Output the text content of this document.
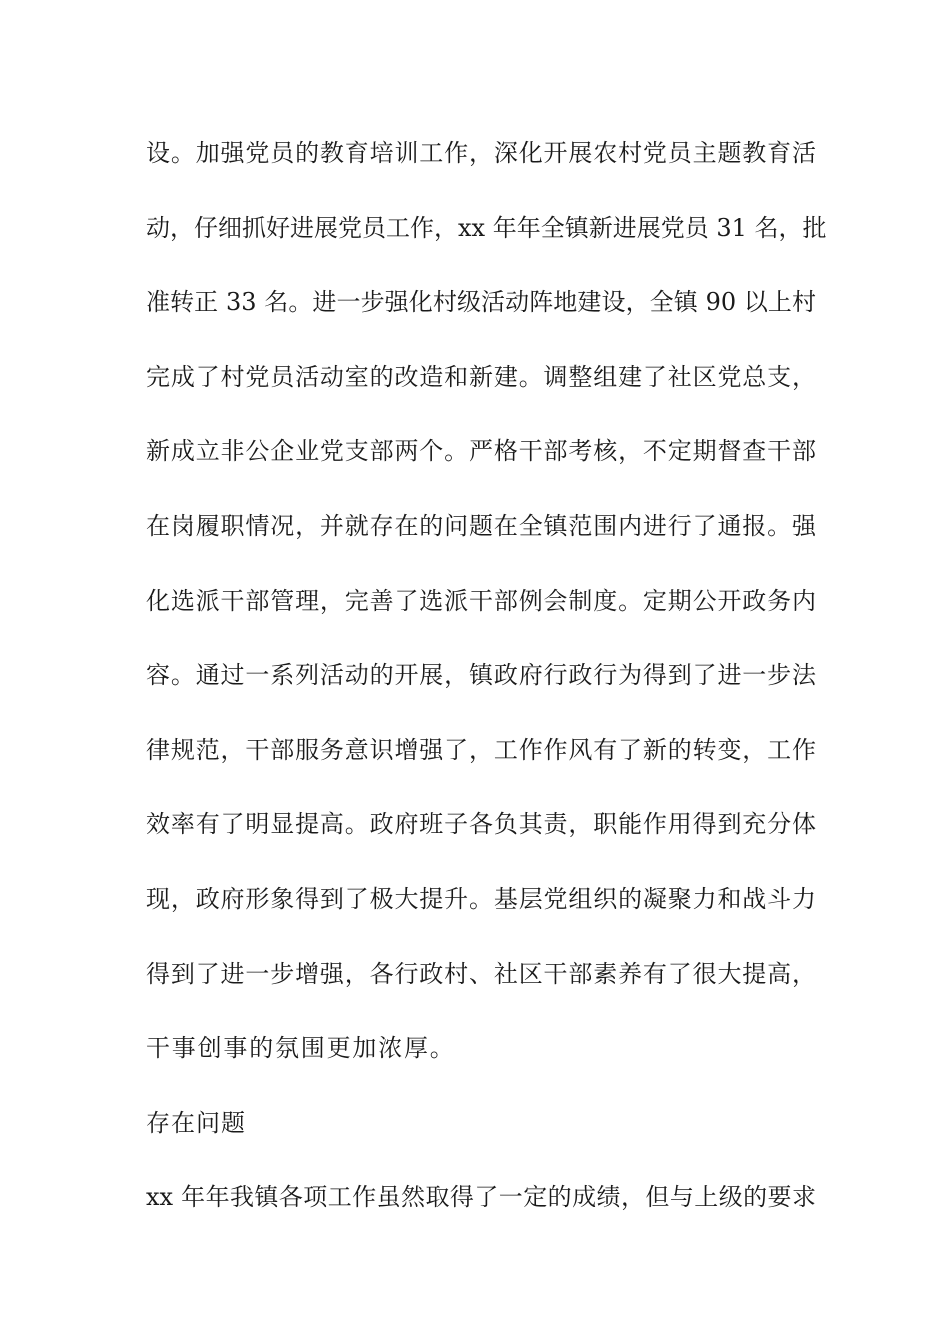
设。加强党员的教育培训工作，深化开展农村党员主题教育活
动，仔细抓好进展党员工作，xx 年年全镇新进展党员 31 名，批
准转正 33 名。进一步强化村级活动阵地建设，全镇 90 以上村
完成了村党员活动室的改造和新建。调整组建了社区党总支，
新成立非公企业党支部两个。严格干部考核，不定期督查干部
在岗履职情况，并就存在的问题在全镇范围内进行了通报。强
化选派干部管理，完善了选派干部例会制度。定期公开政务内
容。通过一系列活动的开展，镇政府行政行为得到了进一步法
律规范，干部服务意识增强了，工作作风有了新的转变，工作
效率有了明显提高。政府班子各负其责，职能作用得到充分体
现，政府形象得到了极大提升。基层党组织的凝聚力和战斗力
得到了进一步增强，各行政村、社区干部素养有了很大提高，
干事创事的氛围更加浓厚。
存在问题
xx 年年我镇各项工作虽然取得了一定的成绩，但与上级的要求
